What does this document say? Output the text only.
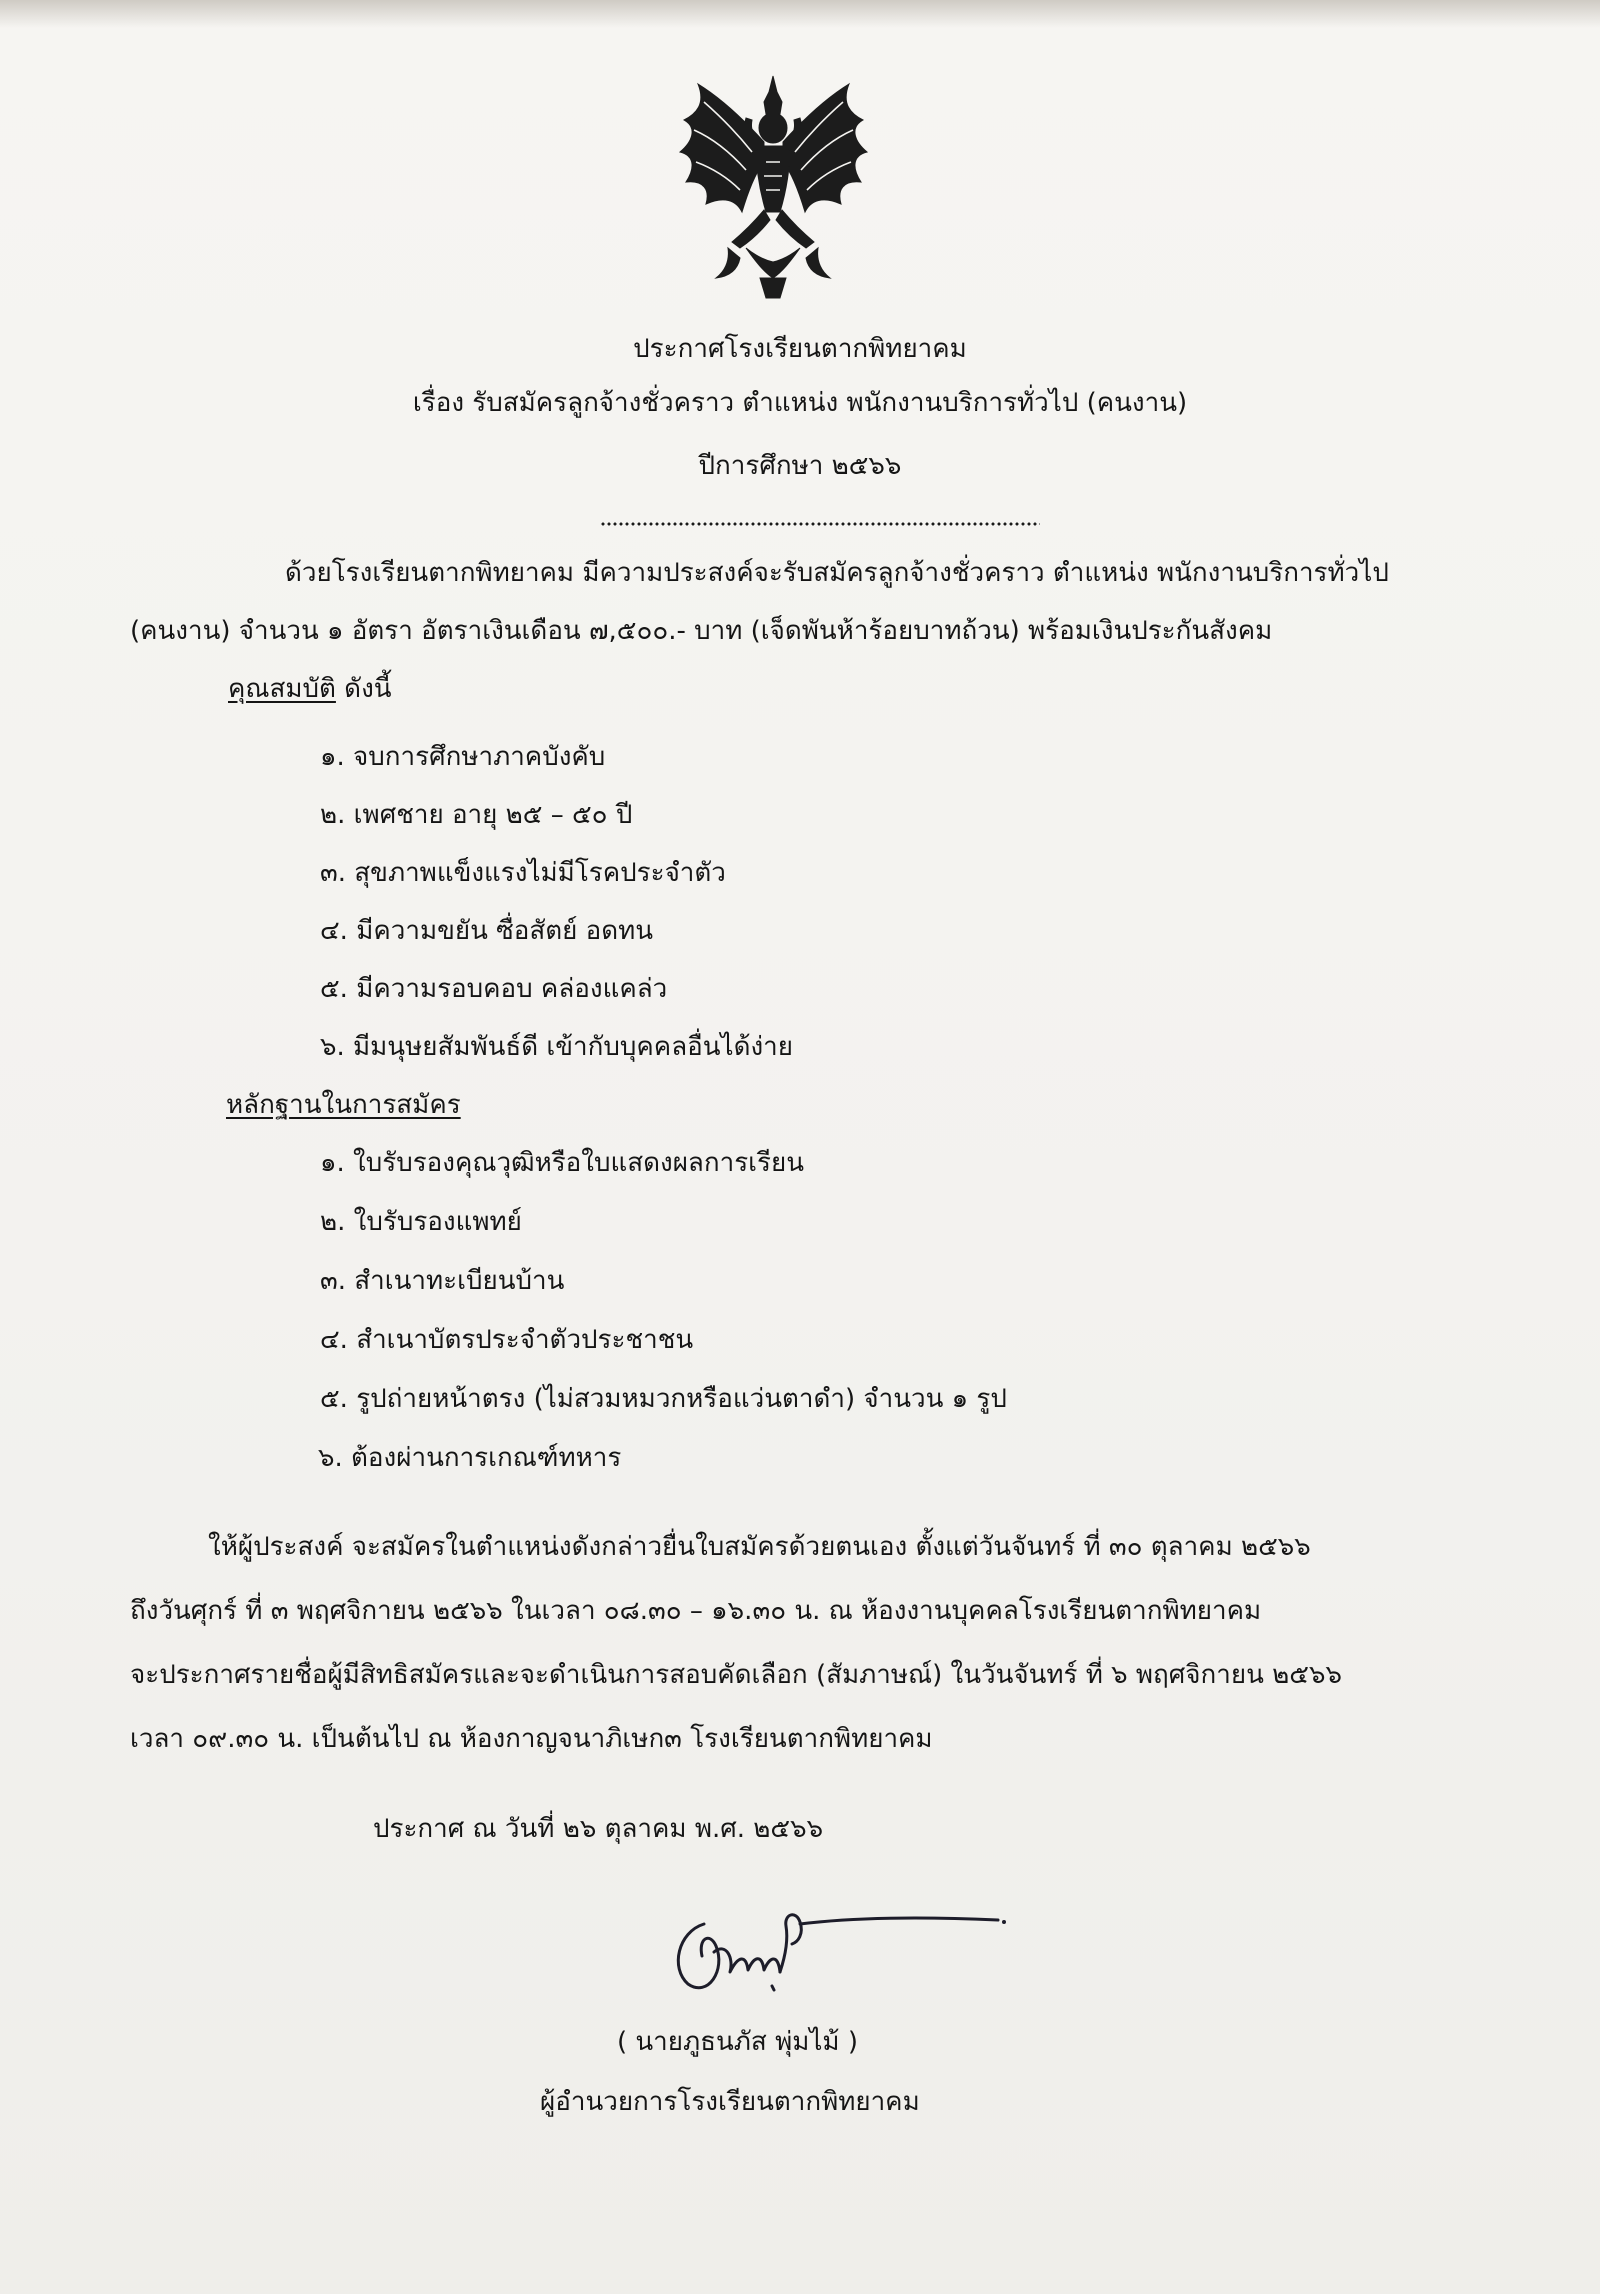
ประกาศโรงเรียนตากพิทยาคม
เรื่อง รับสมัครลูกจ้างชั่วคราว ตำแหน่ง พนักงานบริการทั่วไป (คนงาน)
ปีการศึกษา ๒๕๖๖
ด้วยโรงเรียนตากพิทยาคม มีความประสงค์จะรับสมัครลูกจ้างชั่วคราว ตำแหน่ง พนักงานบริการทั่วไป
(คนงาน) จำนวน ๑ อัตรา อัตราเงินเดือน ๗,๕๐๐.- บาท (เจ็ดพันห้าร้อยบาทถ้วน) พร้อมเงินประกันสังคม
คุณสมบัติ ดังนี้
๑. จบการศึกษาภาคบังคับ
๒. เพศชาย อายุ ๒๕ – ๕๐ ปี
๓. สุขภาพแข็งแรงไม่มีโรคประจำตัว
๔. มีความขยัน ซื่อสัตย์ อดทน
๕. มีความรอบคอบ คล่องแคล่ว
๖. มีมนุษยสัมพันธ์ดี เข้ากับบุคคลอื่นได้ง่าย
หลักฐานในการสมัคร
๑. ใบรับรองคุณวุฒิหรือใบแสดงผลการเรียน
๒. ใบรับรองแพทย์
๓. สำเนาทะเบียนบ้าน
๔. สำเนาบัตรประจำตัวประชาชน
๕. รูปถ่ายหน้าตรง (ไม่สวมหมวกหรือแว่นตาดำ) จำนวน ๑ รูป
๖. ต้องผ่านการเกณฑ์ทหาร
ให้ผู้ประสงค์ จะสมัครในตำแหน่งดังกล่าวยื่นใบสมัครด้วยตนเอง ตั้งแต่วันจันทร์ ที่ ๓๐ ตุลาคม ๒๕๖๖
ถึงวันศุกร์ ที่ ๓ พฤศจิกายน ๒๕๖๖ ในเวลา ๐๘.๓๐ – ๑๖.๓๐ น. ณ ห้องงานบุคคลโรงเรียนตากพิทยาคม
จะประกาศรายชื่อผู้มีสิทธิสมัครและจะดำเนินการสอบคัดเลือก (สัมภาษณ์) ในวันจันทร์ ที่ ๖ พฤศจิกายน ๒๕๖๖
เวลา ๐๙.๓๐ น. เป็นต้นไป ณ ห้องกาญจนาภิเษก๓ โรงเรียนตากพิทยาคม
ประกาศ ณ วันที่ ๒๖ ตุลาคม พ.ศ. ๒๕๖๖
( นายภูธนภัส พุ่มไม้ )
ผู้อำนวยการโรงเรียนตากพิทยาคม
